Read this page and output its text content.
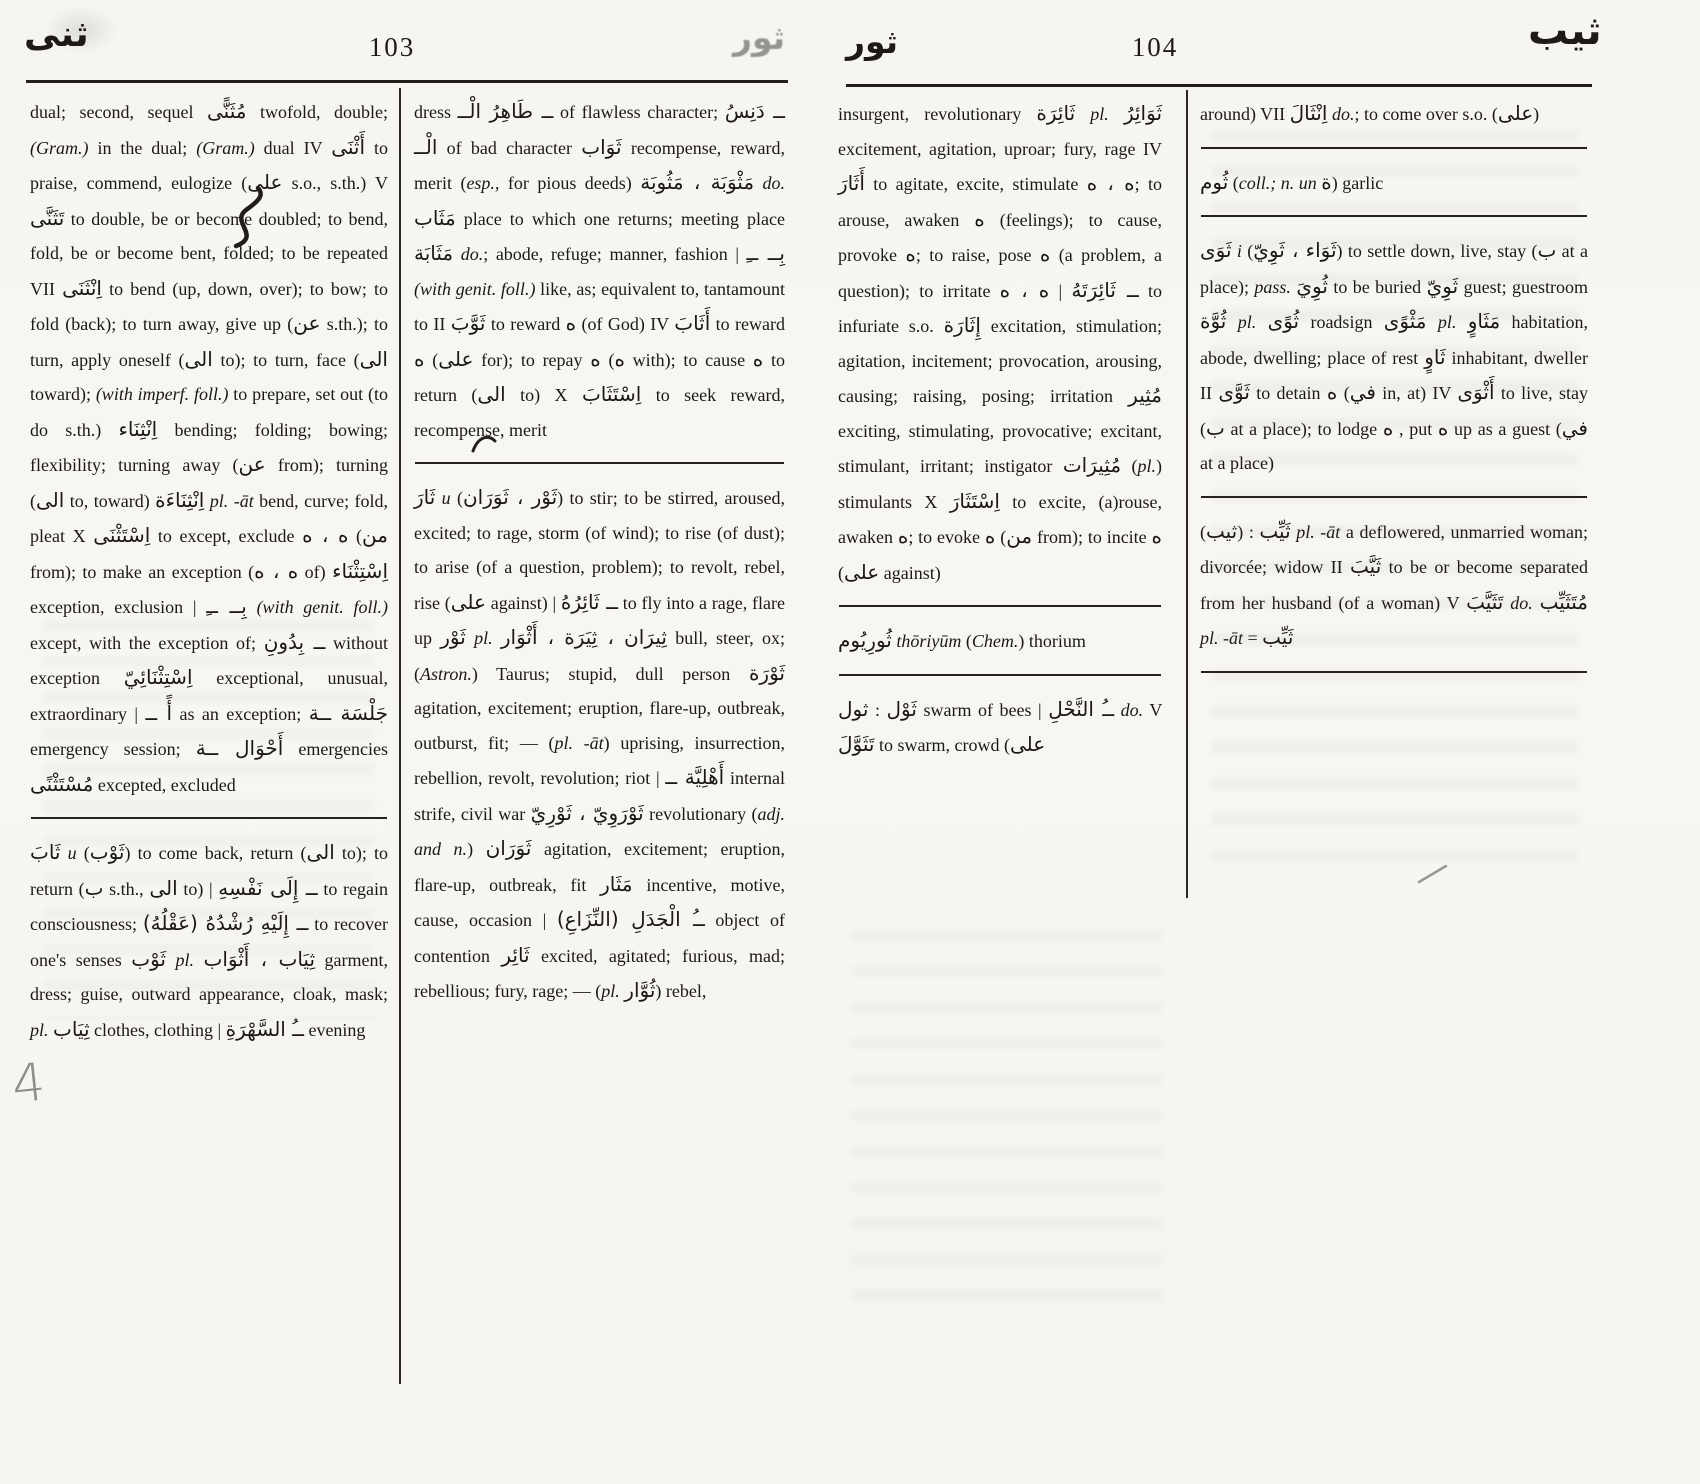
ثنى	103	ثور

dual; second, sequel مُثَنًّى twofold, double; (Gram.) in the dual; (Gram.) dual IV أَثْنَى to praise, commend, eulogize (على s.o., s.th.) V تَثَنَّى to double, be or become doubled; to bend, fold, be or become bent, folded; to be repeated VII اِنْثَنَى to bend (up, down, over); to bow; to fold (back); to turn away, give up (عن s.th.); to turn, apply oneself (الى to); to turn, face (الى toward); (with imperf. foll.) to prepare, set out (to do s.th.) اِنْثِنَاء bending; folding; bowing; flexibility; turning away (عن from); turning (الى to, toward) اِنْثِنَاءَة pl. -āt bend, curve; fold, pleat X اِسْتَثْنَى to except, exclude ه ، ه (من from); to make an exception (ه ، ه of) اِسْتِثْنَاء exception, exclusion | بِــ ــِ (with genit. foll.) except, with the exception of; ــ بِدُونِ without exception اِسْتِثْنَائِيّ exceptional, unusual, extraordinary | أً ــ as an exception; جَلْسَة ــة emergency session; أَحْوَال ــة emergencies مُسْتَثْنًى excepted, excluded

ثَابَ u (ثَوْب) to come back, return (الى to); to return (ب s.th., الى to) | ــ إِلَى نَفْسِهِ to regain consciousness; ــ إِلَيْهِ رُشْدُهُ (عَقْلُهُ) to recover one's senses ثَوْب pl. ثِيَاب ، أَثْوَاب garment, dress; guise, outward appearance, cloak, mask; pl. ثِيَاب clothes, clothing | ــُ السَّهْرَةِ evening

dress ــ طَاهِرُ الْــ of flawless character; ــ دَنِسُ الْــ of bad character ثَوَاب recompense, reward, merit (esp., for pious deeds) مَثْوَبَة ، مَثُوبَة do. مَثَاب place to which one returns; meeting place مَثَابَة do.; abode, refuge; manner, fashion | بِــ ــِ (with genit. foll.) like, as; equivalent to, tantamount to II ثَوَّبَ to reward ه (of God) IV أَثَابَ to reward ه (على for); to repay ه (ه with); to cause ه to return (الى to) X اِسْتَثَابَ to seek reward, recompense, merit

ثَارَ u (ثَوْر ، ثَوَرَان) to stir; to be stirred, aroused, excited; to rage, storm (of wind); to rise (of dust); to arise (of a question, problem); to revolt, rebel, rise (على against) | ــ ثَائِرُهُ to fly into a rage, flare up ثَوْر pl. ثِيرَان ، ثِيَرَة ، أَثْوَار bull, steer, ox; (Astron.) Taurus; stupid, dull person ثَوْرَة agitation, excitement; eruption, flare-up, outbreak, outburst, fit; — (pl. -āt) uprising, insurrection, rebellion, revolt, revolution; riot | أَهْلِيَّة ــ internal strife, civil war ثَوْرَوِيّ ، ثَوْرِيّ revolutionary (adj. and n.) ثَوَرَان agitation, excitement; eruption, flare-up, outbreak, fit مَثَار incentive, motive, cause, occasion | ــُ الْجَدَلِ (النِّزَاعِ) object of contention ثَائِر excited, agitated; furious, mad; rebellious; fury, rage; — (pl. ثُوَّار) rebel,

ثور	104	ثيب

insurgent, revolutionary ثَائِرَة pl. ثَوَائِرُ excitement, agitation, uproar; fury, rage IV أَثَارَ to agitate, excite, stimulate ه ، ه; to arouse, awaken ه (feelings); to cause, provoke ه; to raise, pose ه (a problem, a question); to irritate ه ، ه | ــ ثَائِرَتَهُ to infuriate s.o. إِثَارَة excitation, stimulation; agitation, incitement; provocation, arousing, causing; raising, posing; irritation مُثِير exciting, stimulating, provocative; excitant, stimulant, irritant; instigator مُثِيرَات (pl.) stimulants X اِسْتَثَارَ to excite, (a)rouse, awaken ه; to evoke ه (من from); to incite ه (على against)

ثُورِيُوم thōriyūm (Chem.) thorium

ثول : ثَوْل swarm of bees | ــُ النَّحْلِ do. V تَثَوَّلَ to swarm, crowd (على

around) VII اِنْثَالَ do.; to come over s.o. (على)

ثُوم (coll.; n. un ة) garlic

ثَوَى i (ثَوَاء ، ثَوِيّ) to settle down, live, stay (ب at a place); pass. ثُوِيَ to be buried ثَوِيّ guest; guestroom ثُوَّة pl. ثُوًى roadsign مَثْوًى pl. مَثَاوٍ habitation, abode, dwelling; place of rest ثَاوٍ inhabitant, dweller II ثَوَّى to detain ه (في in, at) IV أَثْوَى to live, stay (ب at a place); to lodge ه , put ه up as a guest (في at a place)

(ثيب) : ثَيِّب pl. -āt a deflowered, unmarried woman; divorcée; widow II ثَيَّبَ to be or become separated from her husband (of a woman) V تَثَيَّبَ do. مُتَثَيِّب pl. -āt = ثَيِّب

4
